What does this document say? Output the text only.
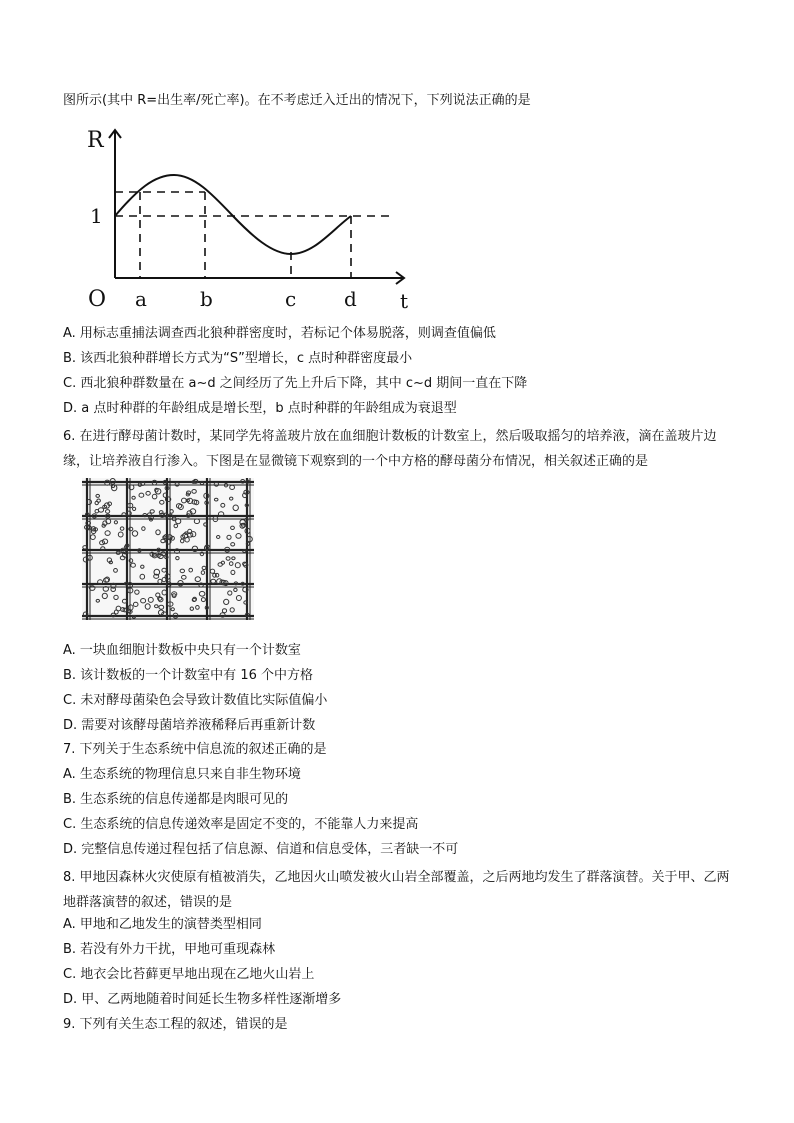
图所示(其中 R=出生率/死亡率)。在不考虑迁入迁出的情况下，下列说法正确的是
R
1
O a	b	c d t
A. 用标志重捕法调查西北狼种群密度时，若标记个体易脱落，则调查值偏低
B. 该西北狼种群增长方式为“S”型增长，c 点时种群密度最小
C. 西北狼种群数量在 a~d 之间经历了先上升后下降，其中 c~d 期间一直在下降
D. a 点时种群的年龄组成是增长型，b 点时种群的年龄组成为衰退型
6. 在进行酵母菌计数时，某同学先将盖玻片放在血细胞计数板的计数室上，然后吸取摇匀的培养液，滴在盖玻片边缘，让培养液自行渗入。下图是在显微镜下观察到的一个中方格的酵母菌分布情况，相关叙述正确的是
A. 一块血细胞计数板中央只有一个计数室
B. 该计数板的一个计数室中有 16 个中方格
C. 未对酵母菌染色会导致计数值比实际值偏小
D. 需要对该酵母菌培养液稀释后再重新计数
7. 下列关于生态系统中信息流的叙述正确的是
A. 生态系统的物理信息只来自非生物环境
B. 生态系统的信息传递都是肉眼可见的
C. 生态系统的信息传递效率是固定不变的，不能靠人力来提高
D. 完整信息传递过程包括了信息源、信道和信息受体，三者缺一不可
8. 甲地因森林火灾使原有植被消失，乙地因火山喷发被火山岩全部覆盖，之后两地均发生了群落演替。关于甲、乙两地群落演替的叙述，错误的是
A. 甲地和乙地发生的演替类型相同
B. 若没有外力干扰，甲地可重现森林
C. 地衣会比苔藓更早地出现在乙地火山岩上
D. 甲、乙两地随着时间延长生物多样性逐渐增多
9. 下列有关生态工程的叙述，错误的是
